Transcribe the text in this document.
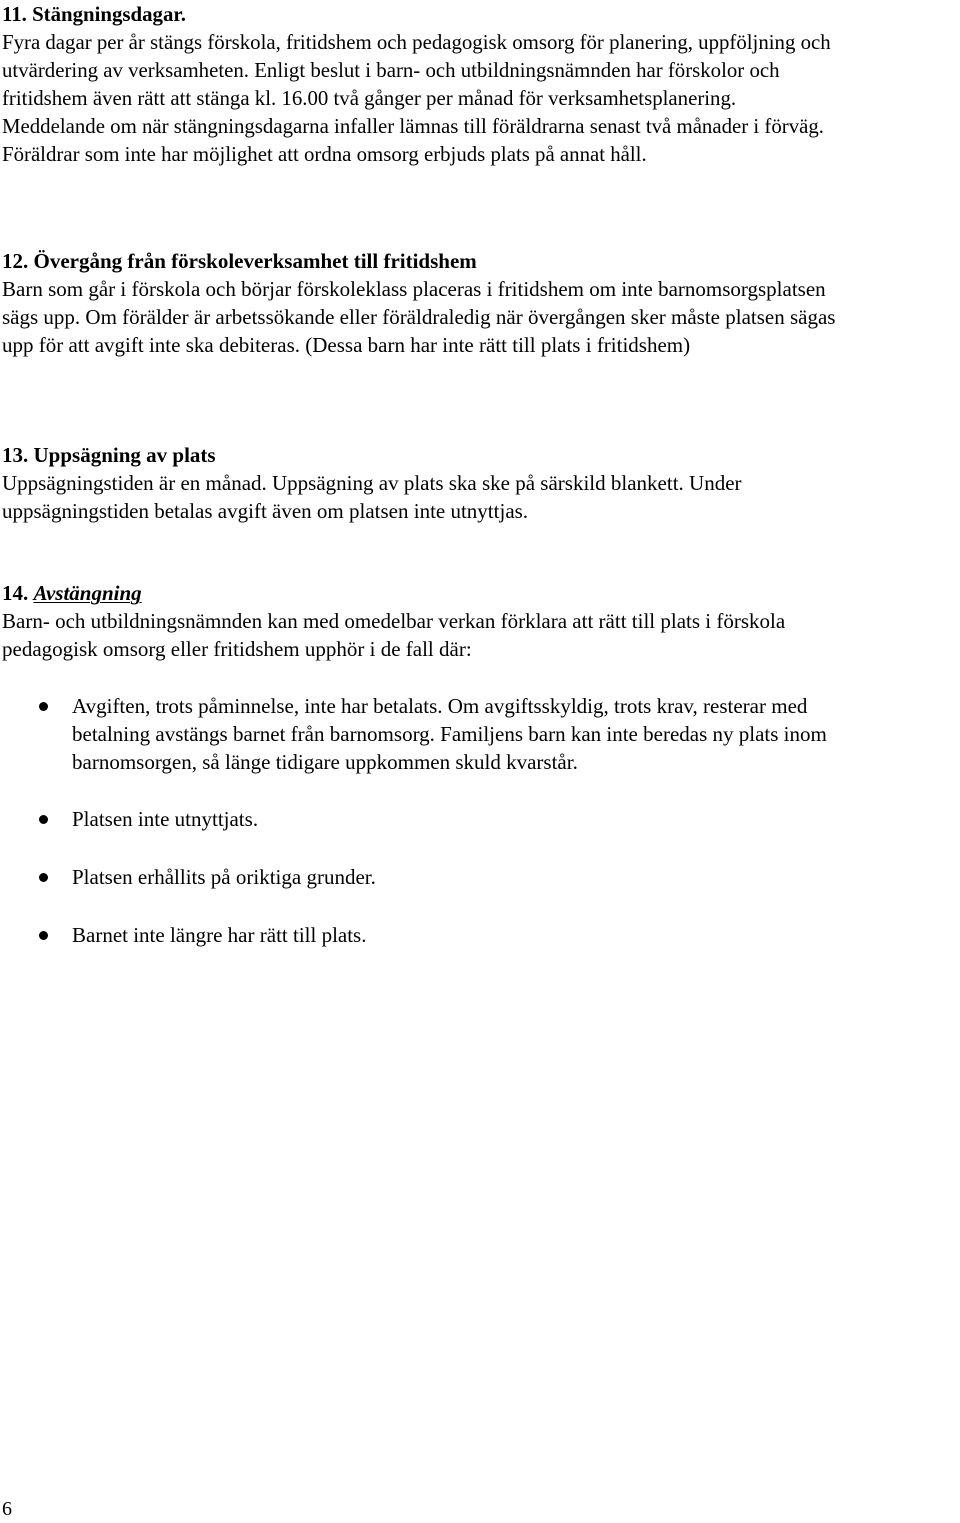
11. Stängningsdagar.
Fyra dagar per år stängs förskola, fritidshem och pedagogisk omsorg för planering, uppföljning och
utvärdering av verksamheten. Enligt beslut i barn- och utbildningsnämnden har förskolor och
fritidshem även rätt att stänga kl. 16.00 två gånger per månad för verksamhetsplanering.
Meddelande om när stängningsdagarna infaller lämnas till föräldrarna senast två månader i förväg.
Föräldrar som inte har möjlighet att ordna omsorg erbjuds plats på annat håll.
12. Övergång från förskoleverksamhet till fritidshem
Barn som går i förskola och börjar förskoleklass placeras i fritidshem om inte barnomsorgsplatsen
sägs upp. Om förälder är arbetssökande eller föräldraledig när övergången sker måste platsen sägas
upp för att avgift inte ska debiteras. (Dessa barn har inte rätt till plats i fritidshem)
13. Uppsägning av plats
Uppsägningstiden är en månad. Uppsägning av plats ska ske på särskild blankett. Under
uppsägningstiden betalas avgift även om platsen inte utnyttjas.
14. Avstängning
Barn- och utbildningsnämnden kan med omedelbar verkan förklara att rätt till plats i förskola
pedagogisk omsorg eller fritidshem upphör i de fall där:
Avgiften, trots påminnelse, inte har betalats. Om avgiftsskyldig, trots krav, resterar med
betalning avstängs barnet från barnomsorg. Familjens barn kan inte beredas ny plats inom
barnomsorgen, så länge tidigare uppkommen skuld kvarstår.
Platsen inte utnyttjats.
Platsen erhållits på oriktiga grunder.
Barnet inte längre har rätt till plats.
6
